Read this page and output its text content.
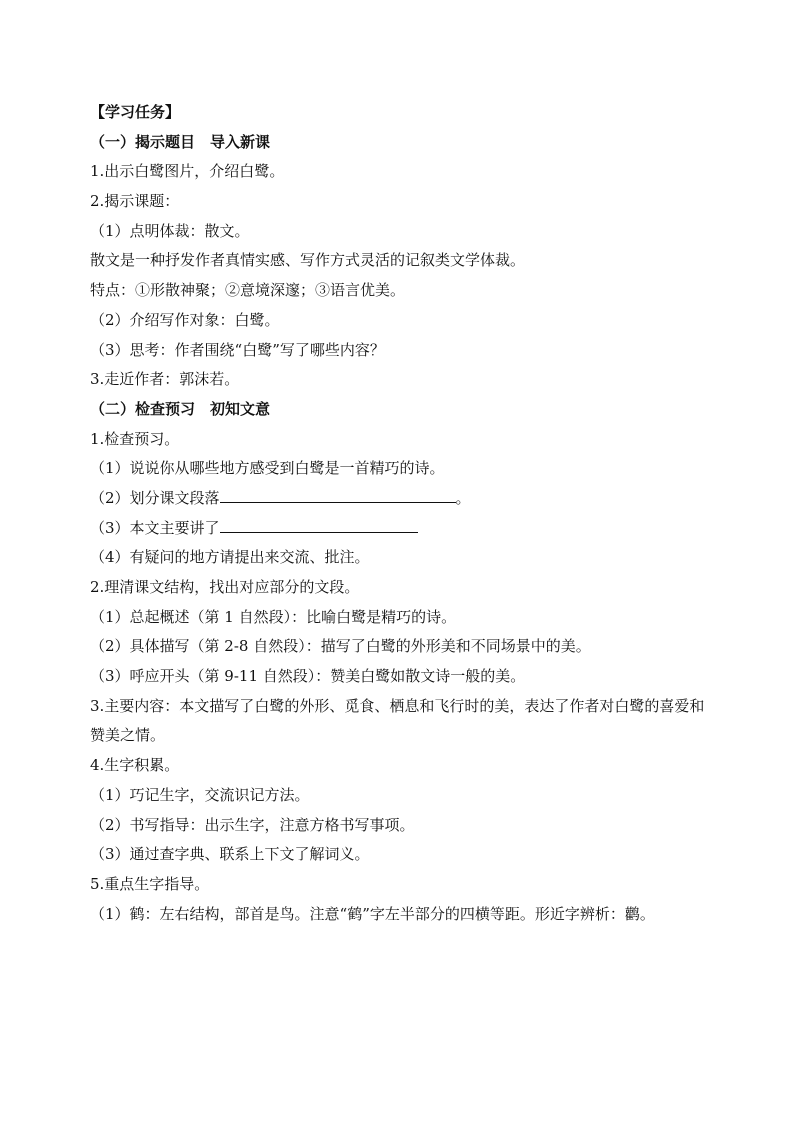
【学习任务】
（一）揭示题目　导入新课
1.出示白鹭图片，介绍白鹭。
2.揭示课题：
（1）点明体裁：散文。
散文是一种抒发作者真情实感、写作方式灵活的记叙类文学体裁。
特点：①形散神聚；②意境深邃；③语言优美。
（2）介绍写作对象：白鹭。
（3）思考：作者围绕“白鹭”写了哪些内容？
3.走近作者：郭沫若。
（二）检查预习　初知文意
1.检查预习。
（1）说说你从哪些地方感受到白鹭是一首精巧的诗。
（2）划分课文段落	。
（3）本文主要讲了
（4）有疑问的地方请提出来交流、批注。
2.理清课文结构，找出对应部分的文段。
（1）总起概述（第 1 自然段）：比喻白鹭是精巧的诗。
（2）具体描写（第 2-8 自然段）：描写了白鹭的外形美和不同场景中的美。
（3）呼应开头（第 9-11 自然段）：赞美白鹭如散文诗一般的美。
3.主要内容：本文描写了白鹭的外形、觅食、栖息和飞行时的美，表达了作者对白鹭的喜爱和赞美之情。
4.生字积累。
（1）巧记生字，交流识记方法。
（2）书写指导：出示生字，注意方格书写事项。
（3）通过查字典、联系上下文了解词义。
5.重点生字指导。
（1）鹤：左右结构，部首是鸟。注意“鹤”字左半部分的四横等距。形近字辨析：鹳。
